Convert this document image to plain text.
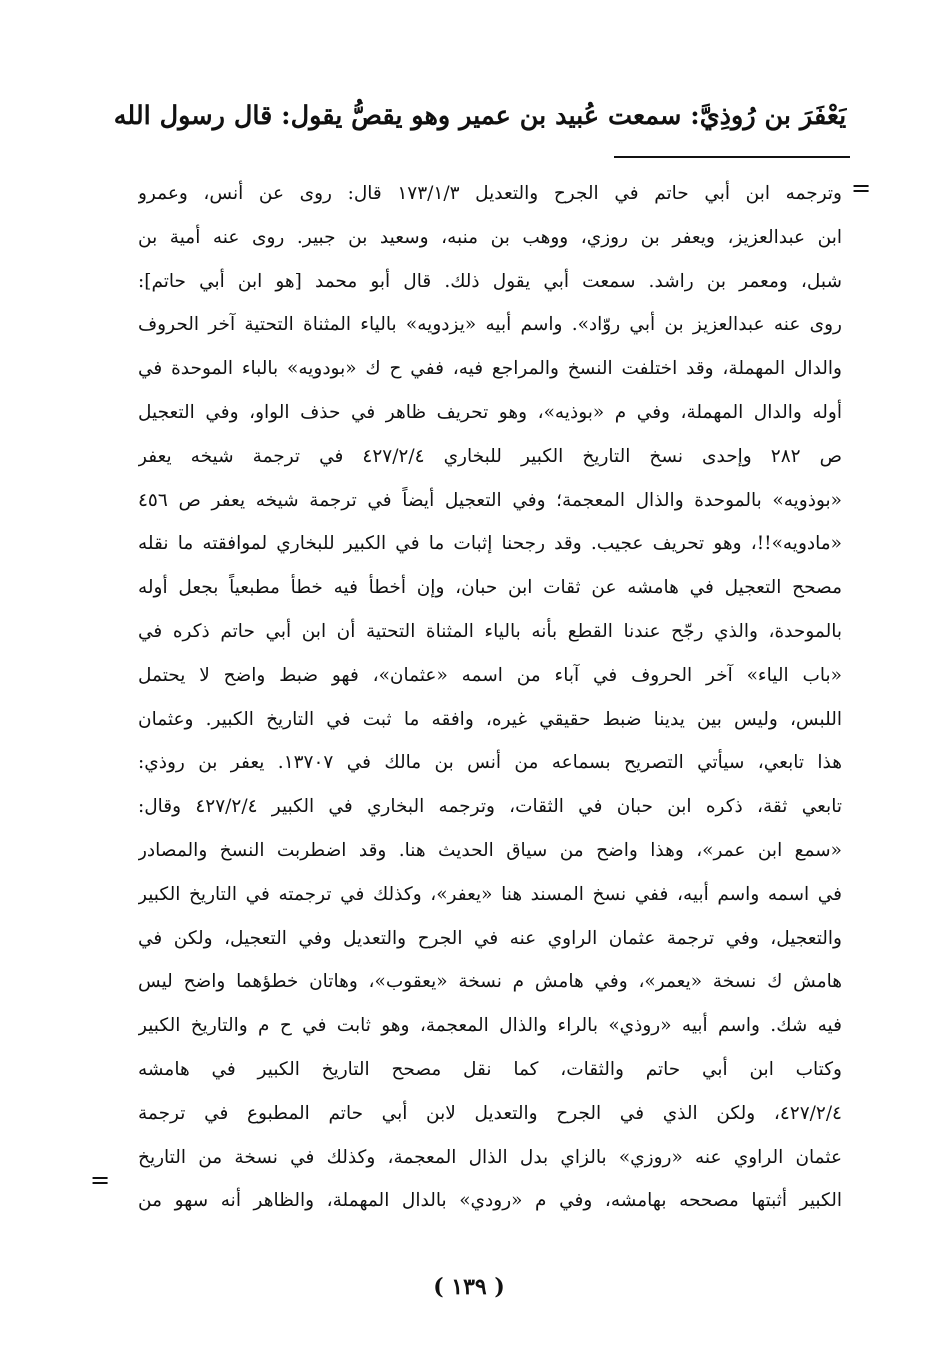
يَعْفَرَ بن رُوذِيَّ: سمعت عُبيد بن عمير وهو يقصُّ يقول: قال رسول الله
=
وترجمه ابن أبي حاتم في الجرح والتعديل ١٧٣/١/٣ قال: روى عن أنس، وعمرو
ابن عبدالعزيز، ويعفر بن روزي، ووهب بن منبه، وسعيد بن جبير. روى عنه أمية بن
شبل، ومعمر بن راشد. سمعت أبي يقول ذلك. قال أبو محمد [هو ابن أبي حاتم]:
روى عنه عبدالعزيز بن أبي روّاد». واسم أبيه «يزدويه» بالياء المثناة التحتية آخر الحروف
والدال المهملة، وقد اختلفت النسخ والمراجع فيه، ففي ح ك «بودويه» بالباء الموحدة في
أوله والدال المهملة، وفي م «بوذيه»، وهو تحريف ظاهر في حذف الواو، وفي التعجيل
ص ٢٨٢ وإحدى نسخ التاريخ الكبير للبخاري ٤٢٧/٢/٤ في ترجمة شيخه يعفر
«بوذويه» بالموحدة والذال المعجمة؛ وفي التعجيل أيضاً في ترجمة شيخه يعفر ص ٤٥٦
«مادويه»!!، وهو تحريف عجيب. وقد رجحنا إثبات ما في الكبير للبخاري لموافقته ما نقله
مصحح التعجيل في هامشه عن ثقات ابن حبان، وإن أخطأ فيه خطأ مطبعياً بجعل أوله
بالموحدة، والذي رجّح عندنا القطع بأنه بالياء المثناة التحتية أن ابن أبي حاتم ذكره في
«باب الياء» آخر الحروف في آباء من اسمه «عثمان»، فهو ضبط واضح لا يحتمل
اللبس، وليس بين يدينا ضبط حقيقي غيره، وافقه ما ثبت في التاريخ الكبير. وعثمان
هذا تابعي، سيأتي التصريح بسماعه من أنس بن مالك في ١٣٧٠٧. يعفر بن روذي:
تابعي ثقة، ذكره ابن حبان في الثقات، وترجمه البخاري في الكبير ٤٢٧/٢/٤ وقال:
«سمع ابن عمر»، وهذا واضح من سياق الحديث هنا. وقد اضطربت النسخ والمصادر
في اسمه واسم أبيه، ففي نسخ المسند هنا «يعفر»، وكذلك في ترجمته في التاريخ الكبير
والتعجيل، وفي ترجمة عثمان الراوي عنه في الجرح والتعديل وفي التعجيل، ولكن في
هامش ك نسخة «يعمر»، وفي هامش م نسخة «يعقوب»، وهاتان خطؤهما واضح ليس
فيه شك. واسم أبيه «روذي» بالراء والذال المعجمة، وهو ثابت في ح م والتاريخ الكبير
وكتاب ابن أبي حاتم والثقات، كما نقل مصحح التاريخ الكبير في هامشه
٤٢٧/٢/٤، ولكن الذي في الجرح والتعديل لابن أبي حاتم المطبوع في ترجمة
عثمان الراوي عنه «روزي» بالزاي بدل الذال المعجمة، وكذلك في نسخة من التاريخ
الكبير أثبتها مصححه بهامشه، وفي م «رودي» بالدال المهملة، والظاهر أنه سهو من
=
( ١٣٩ )
